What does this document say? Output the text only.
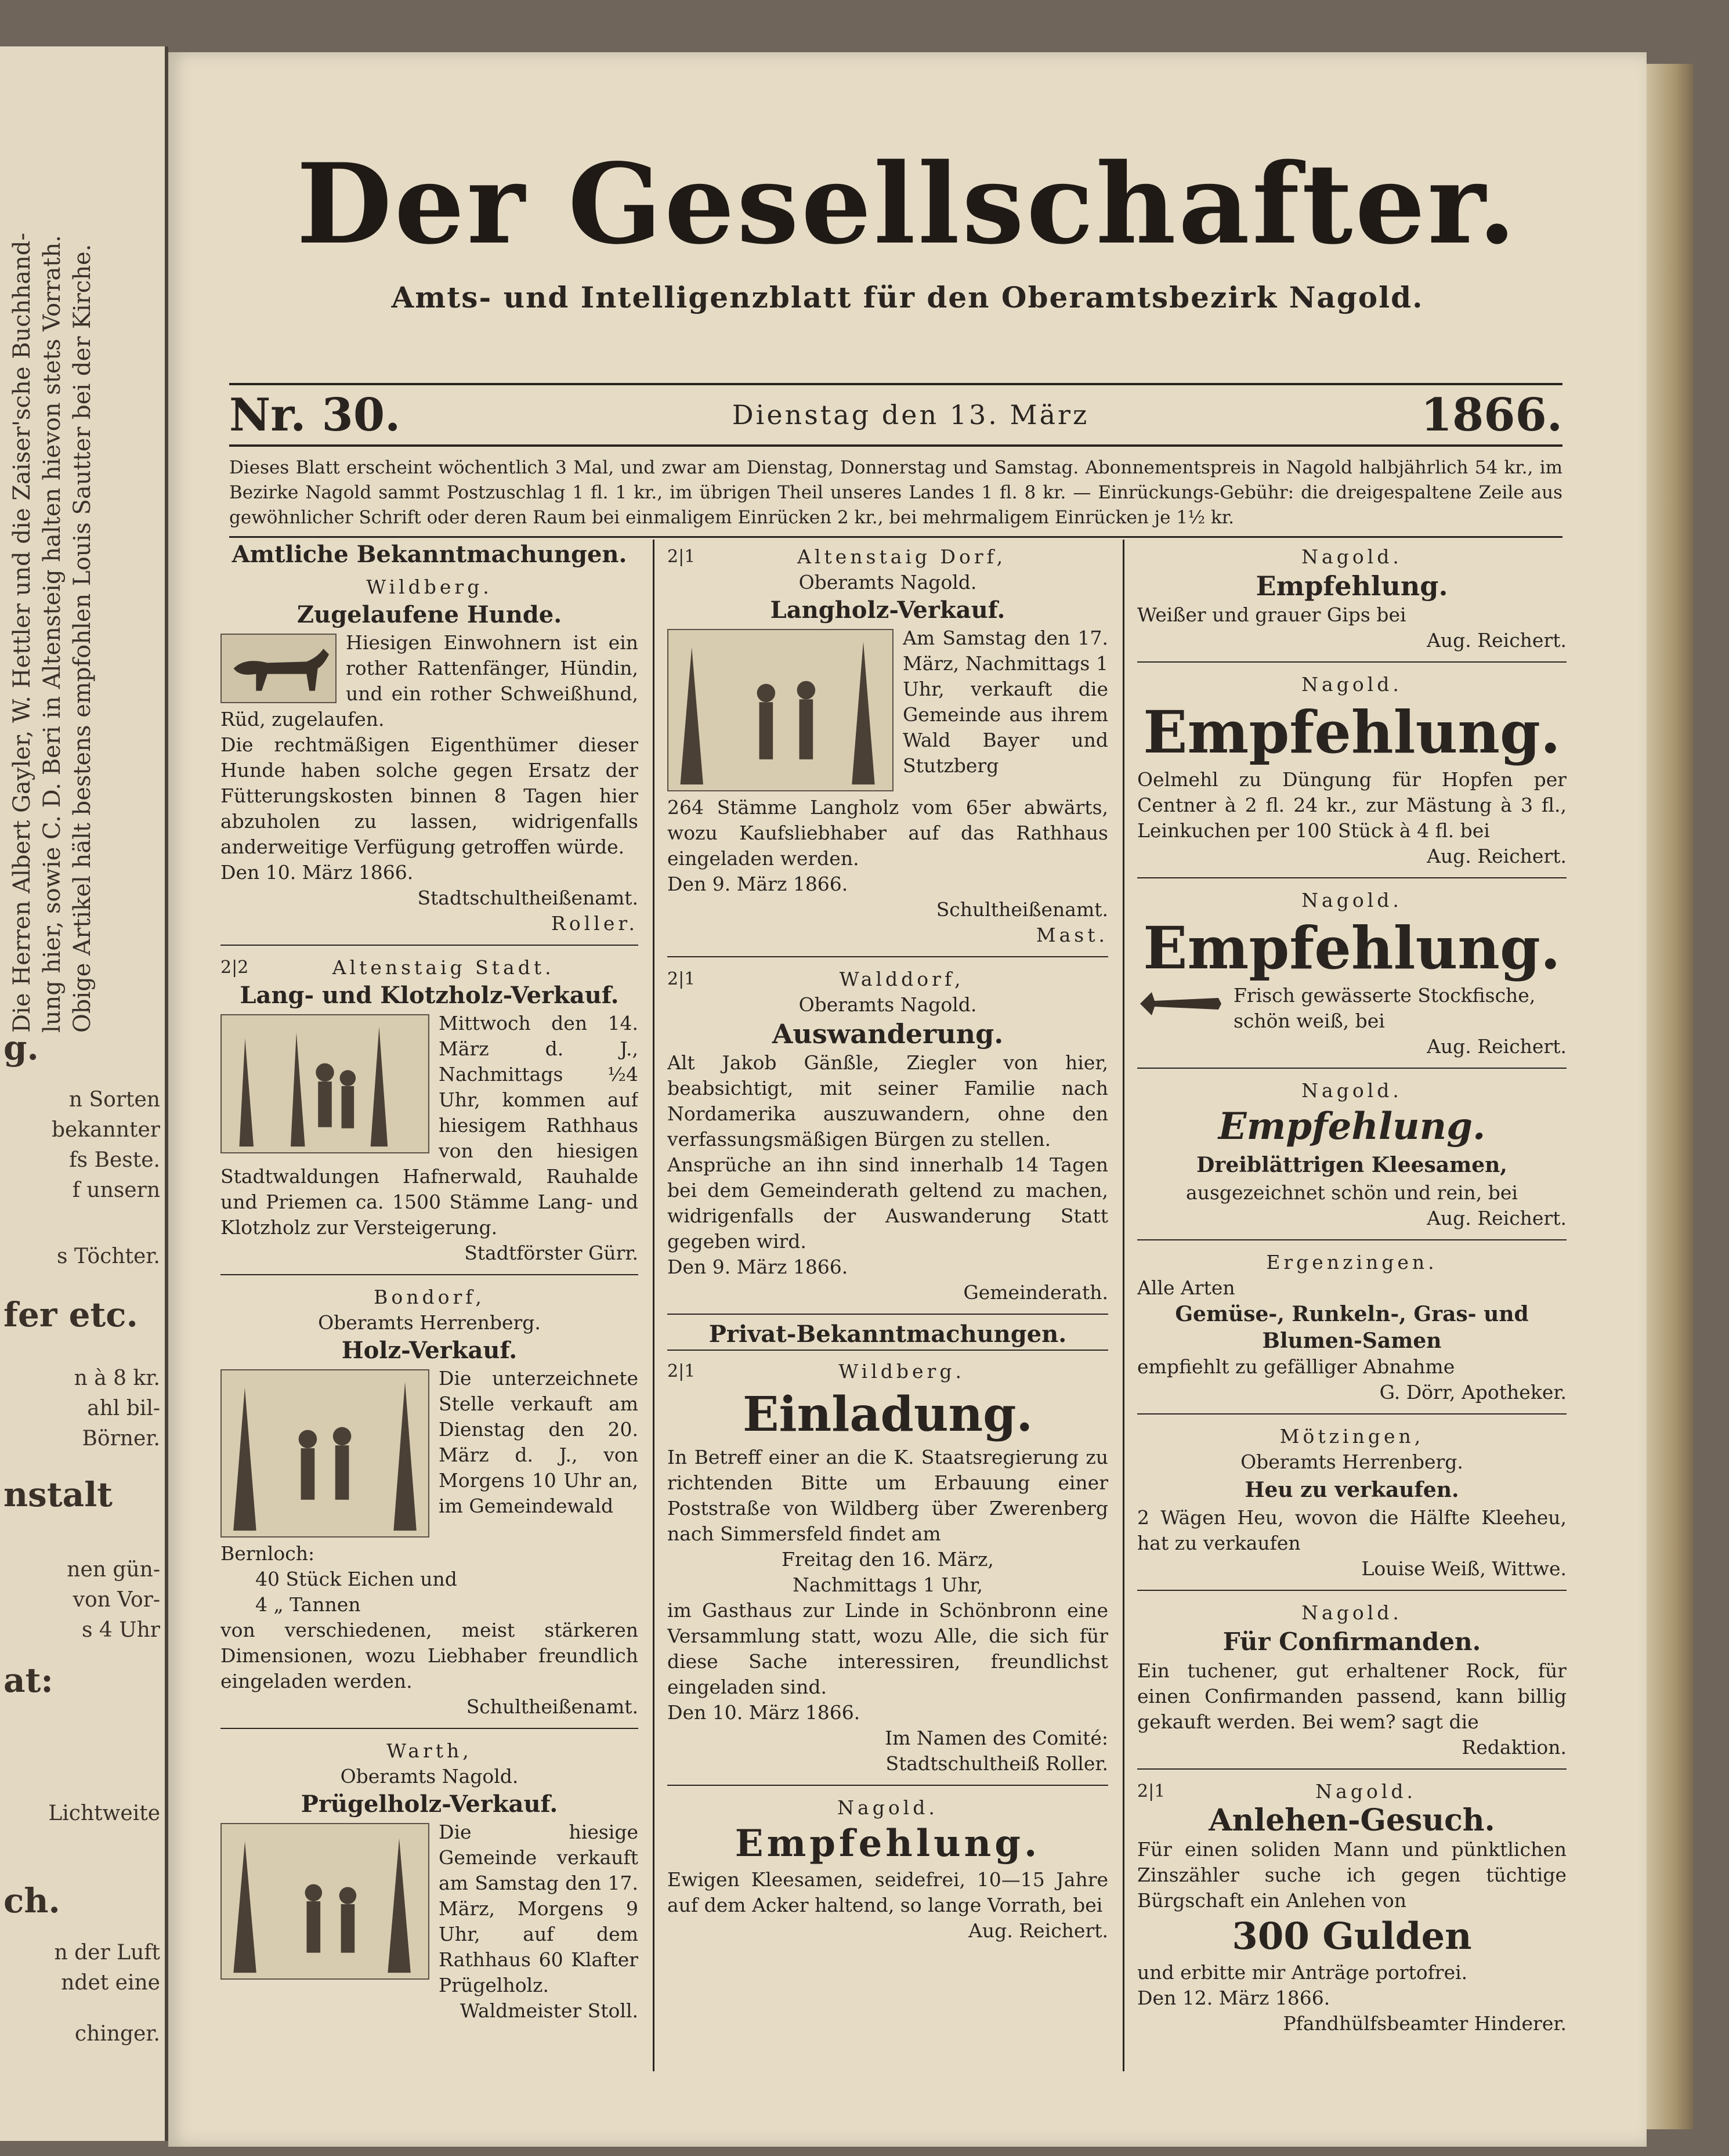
Die Herren Albert Gayler, W. Hettler und die Zaiser'sche Buchhand- lung hier, sowie C. D. Beri in Altensteig halten hievon stets Vorrath. Obige Artikel hält bestens empfohlen Louis Sautter bei der Kirche.
g.
n Sorten
bekannter
fs Beste.
f unsern
s Töchter.
fer etc.
n à 8 kr.
ahl bil-
Börner.
nstalt
nen gün-
von Vor-
s 4 Uhr
at:
Lichtweite
ch.
n der Luft
ndet eine
chinger.
Der Gesellschafter.
Amts- und Intelligenzblatt für den Oberamtsbezirk Nagold.
Nr. 30.	Dienstag den 13. März	1866.
Dieses Blatt erscheint wöchentlich 3 Mal, und zwar am Dienstag, Donnerstag und Samstag. Abonnementspreis in Nagold halbjährlich 54 kr., im Bezirke Nagold sammt Postzuschlag 1 fl. 1 kr., im übrigen Theil unseres Landes 1 fl. 8 kr. — Einrückungs-Gebühr: die dreigespaltene Zeile aus gewöhnlicher Schrift oder deren Raum bei einmaligem Einrücken 2 kr., bei mehrmaligem Einrücken je 1½ kr.
Amtliche Bekanntmachungen.
Wildberg.
Zugelaufene Hunde.
Hiesigen Einwohnern ist ein rother Rattenfänger, Hündin, und ein rother Schweißhund, Rüd, zugelaufen.
Die rechtmäßigen Eigenthümer dieser Hunde haben solche gegen Ersatz der Fütterungskosten binnen 8 Tagen hier abzuholen zu lassen, widrigenfalls anderweitige Verfügung getroffen würde.
Den 10. März 1866.
Stadtschultheißenamt.
Roller.
2|2	Altenstaig Stadt.
Lang- und Klotzholz-Verkauf.
Mittwoch den 14. März d. J., Nachmittags ½4 Uhr, kommen auf hiesigem Rathhaus von den hiesigen Stadtwaldungen Hafnerwald, Rauhalde und Priemen ca. 1500 Stämme Lang- und Klotzholz zur Versteigerung.
Stadtförster Gürr.
Bondorf,
Oberamts Herrenberg.
Holz-Verkauf.
Die unterzeichnete Stelle verkauft am Dienstag den 20. März d. J., von Morgens 10 Uhr an, im Gemeindewald
Bernloch:
40 Stück Eichen und
4 „ Tannen
von verschiedenen, meist stärkeren Dimensionen, wozu Liebhaber freundlich eingeladen werden.
Schultheißenamt.
Warth,
Oberamts Nagold.
Prügelholz-Verkauf.
Die hiesige Gemeinde verkauft am Samstag den 17. März, Morgens 9 Uhr, auf dem Rathhaus 60 Klafter Prügelholz.
Waldmeister Stoll.
2|1	Altenstaig Dorf,
Oberamts Nagold.
Langholz-Verkauf.
Am Samstag den 17. März, Nachmittags 1 Uhr, verkauft die Gemeinde aus ihrem Wald Bayer und Stutzberg
264 Stämme Langholz vom 65er abwärts, wozu Kaufsliebhaber auf das Rathhaus eingeladen werden.
Den 9. März 1866.
Schultheißenamt.
Mast.
2|1	Walddorf,
Oberamts Nagold.
Auswanderung.
Alt Jakob Gänßle, Ziegler von hier, beabsichtigt, mit seiner Familie nach Nordamerika auszuwandern, ohne den verfassungsmäßigen Bürgen zu stellen.
Ansprüche an ihn sind innerhalb 14 Tagen bei dem Gemeinderath geltend zu machen, widrigenfalls der Auswanderung Statt gegeben wird.
Den 9. März 1866.
Gemeinderath.
Privat-Bekanntmachungen.
2|1	Wildberg.
Einladung.
In Betreff einer an die K. Staatsregierung zu richtenden Bitte um Erbauung einer Poststraße von Wildberg über Zwerenberg nach Simmersfeld findet am
Freitag den 16. März,
Nachmittags 1 Uhr,
im Gasthaus zur Linde in Schönbronn eine Versammlung statt, wozu Alle, die sich für diese Sache interessiren, freundlichst eingeladen sind.
Den 10. März 1866.
Im Namen des Comité:
Stadtschultheiß Roller.
Nagold.
Empfehlung.
Ewigen Kleesamen, seidefrei, 10—15 Jahre auf dem Acker haltend, so lange Vorrath, bei
Aug. Reichert.
Nagold.
Empfehlung.
Weißer und grauer Gips bei
Aug. Reichert.
Nagold.
Empfehlung.
Oelmehl zu Düngung für Hopfen per Centner à 2 fl. 24 kr., zur Mästung à 3 fl., Leinkuchen per 100 Stück à 4 fl. bei
Aug. Reichert.
Nagold.
Empfehlung.
Frisch gewässerte Stockfische, schön weiß, bei
Aug. Reichert.
Nagold.
Empfehlung.
Dreiblättrigen Kleesamen,
ausgezeichnet schön und rein, bei
Aug. Reichert.
Ergenzingen.
Alle Arten
Gemüse-, Runkeln-, Gras- und Blumen-Samen
empfiehlt zu gefälliger Abnahme
G. Dörr, Apotheker.
Mötzingen,
Oberamts Herrenberg.
Heu zu verkaufen.
2 Wägen Heu, wovon die Hälfte Kleeheu, hat zu verkaufen
Louise Weiß, Wittwe.
Nagold.
Für Confirmanden.
Ein tuchener, gut erhaltener Rock, für einen Confirmanden passend, kann billig gekauft werden. Bei wem? sagt die
Redaktion.
2|1	Nagold.
Anlehen-Gesuch.
Für einen soliden Mann und pünktlichen Zinszähler suche ich gegen tüchtige Bürgschaft ein Anlehen von
300 Gulden
und erbitte mir Anträge portofrei.
Den 12. März 1866.
Pfandhülfsbeamter Hinderer.
